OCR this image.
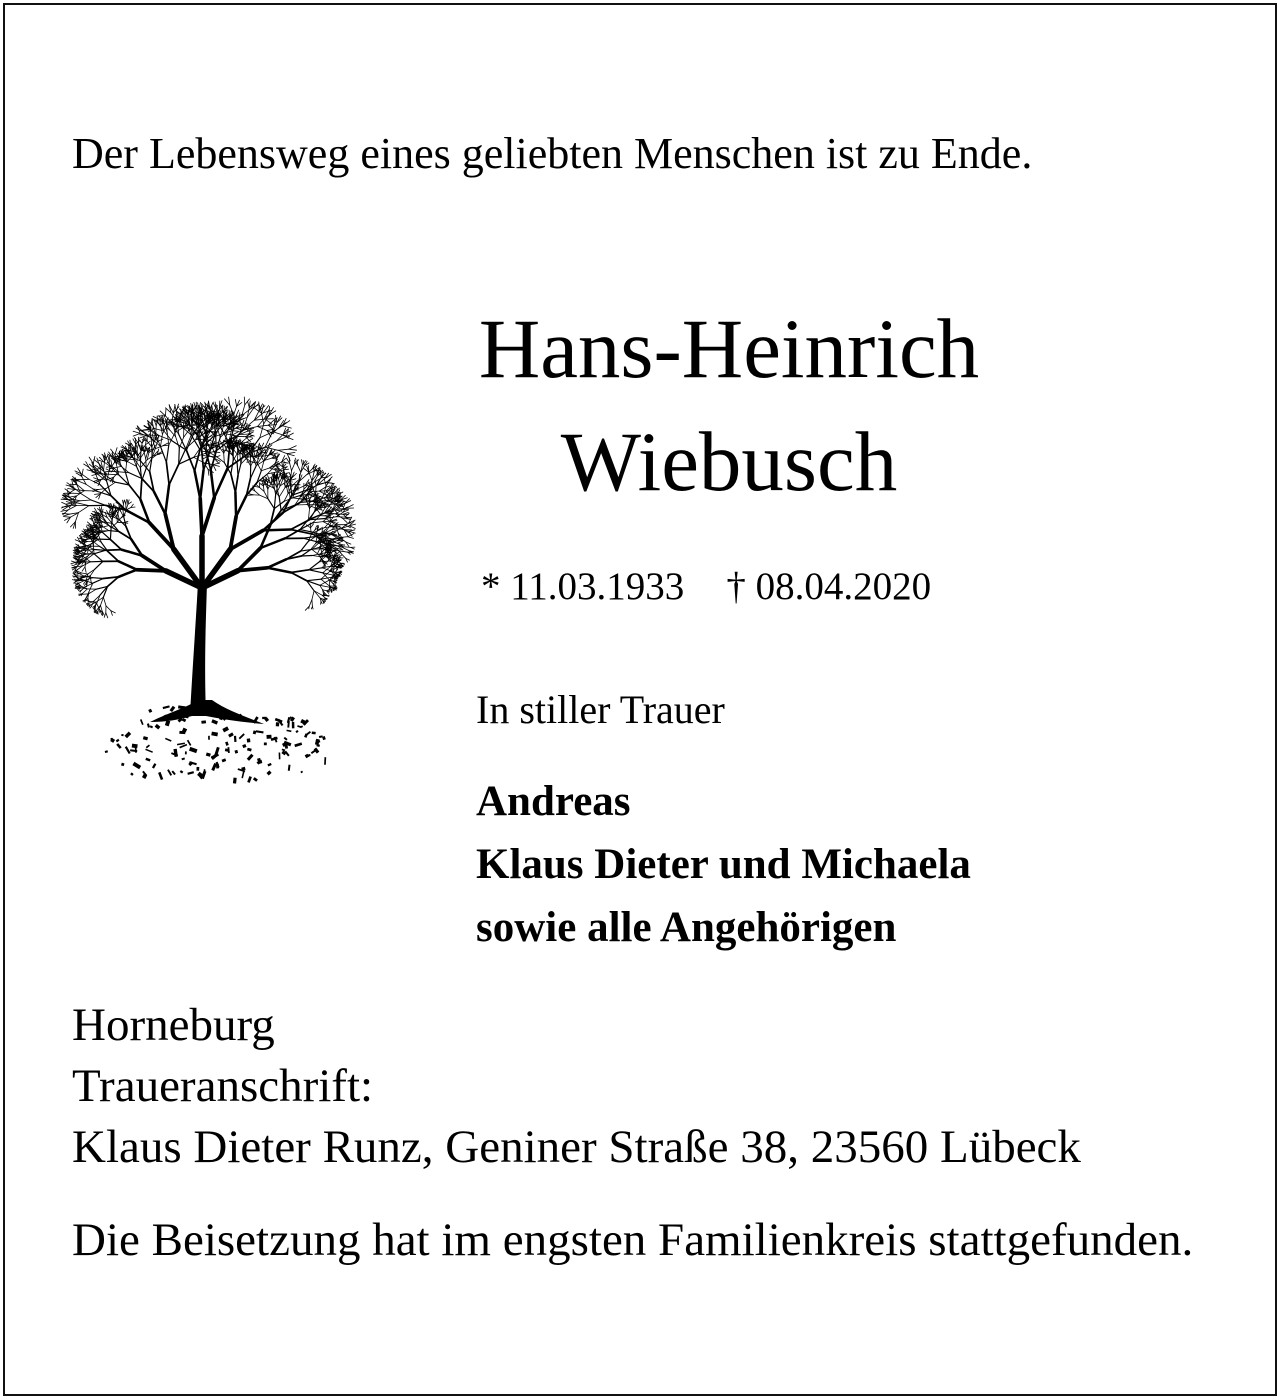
Der Lebensweg eines geliebten Menschen ist zu Ende.

Hans-Heinrich

Wiebusch

* 11.03.1933 † 08.04.2020

In stiller Trauer

Andreas
Klaus Dieter und Michaela
sowie alle Angehörigen
Horneburg
Traueranschrift:
Klaus Dieter Runz, Geniner Straße 38, 23560 Lübeck
Die Beisetzung hat im engsten Familienkreis stattgefunden.
